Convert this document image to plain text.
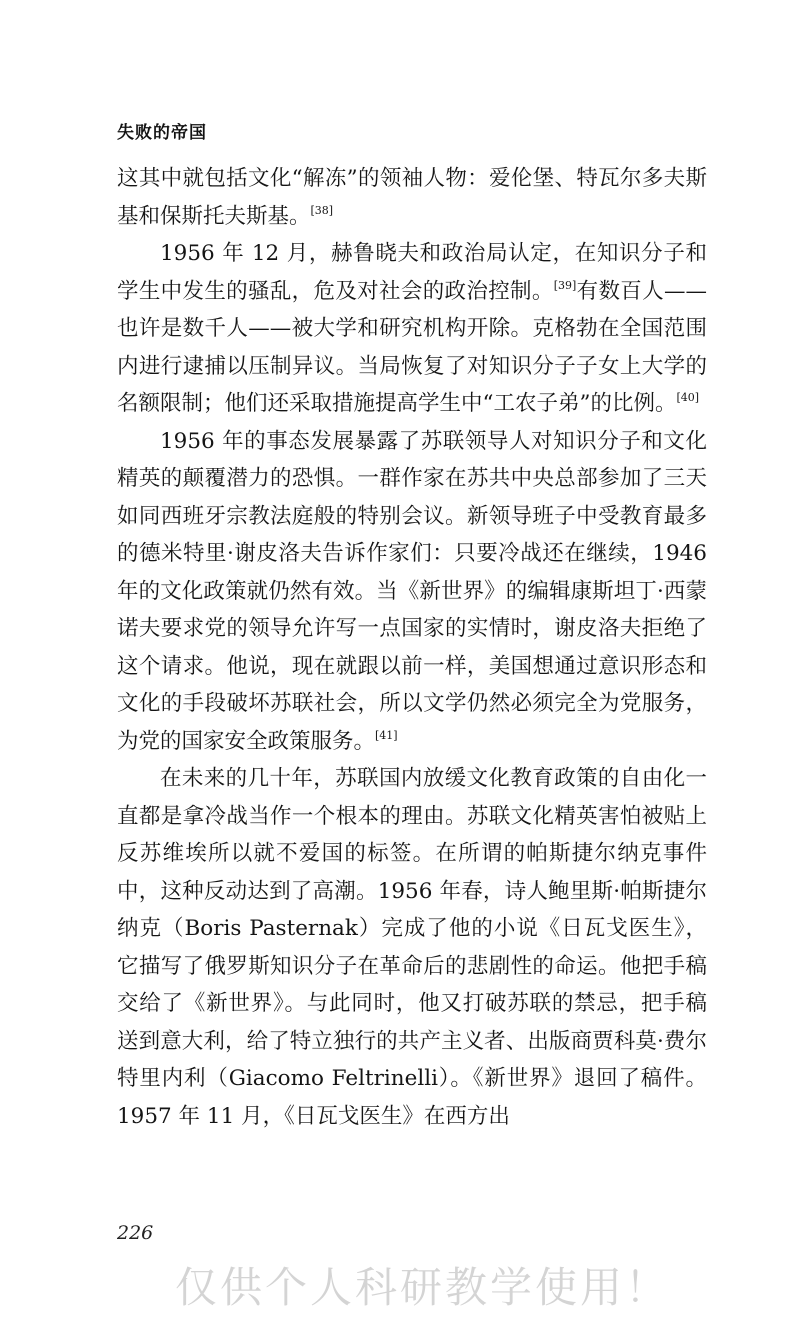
失败的帝国

这其中就包括文化“解冻”的领袖人物：爱伦堡、特瓦尔多夫斯基和保斯托夫斯基。[38]

1956 年 12 月，赫鲁晓夫和政治局认定，在知识分子和学生中发生的骚乱，危及对社会的政治控制。[39]有数百人——也许是数千人——被大学和研究机构开除。克格勃在全国范围内进行逮捕以压制异议。当局恢复了对知识分子子女上大学的名额限制；他们还采取措施提高学生中“工农子弟”的比例。[40]

1956 年的事态发展暴露了苏联领导人对知识分子和文化精英的颠覆潜力的恐惧。一群作家在苏共中央总部参加了三天如同西班牙宗教法庭般的特别会议。新领导班子中受教育最多的德米特里·谢皮洛夫告诉作家们：只要冷战还在继续，1946 年的文化政策就仍然有效。当《新世界》的编辑康斯坦丁·西蒙诺夫要求党的领导允许写一点国家的实情时，谢皮洛夫拒绝了这个请求。他说，现在就跟以前一样，美国想通过意识形态和文化的手段破坏苏联社会，所以文学仍然必须完全为党服务，为党的国家安全政策服务。[41]

在未来的几十年，苏联国内放缓文化教育政策的自由化一直都是拿冷战当作一个根本的理由。苏联文化精英害怕被贴上反苏维埃所以就不爱国的标签。在所谓的帕斯捷尔纳克事件中，这种反动达到了高潮。1956 年春，诗人鲍里斯·帕斯捷尔纳克（Boris Pasternak）完成了他的小说《日瓦戈医生》，它描写了俄罗斯知识分子在革命后的悲剧性的命运。他把手稿交给了《新世界》。与此同时，他又打破苏联的禁忌，把手稿送到意大利，给了特立独行的共产主义者、出版商贾科莫·费尔特里内利（Giacomo Feltrinelli）。《新世界》退回了稿件。1957 年 11 月，《日瓦戈医生》在西方出

226
仅供个人科研教学使用！
